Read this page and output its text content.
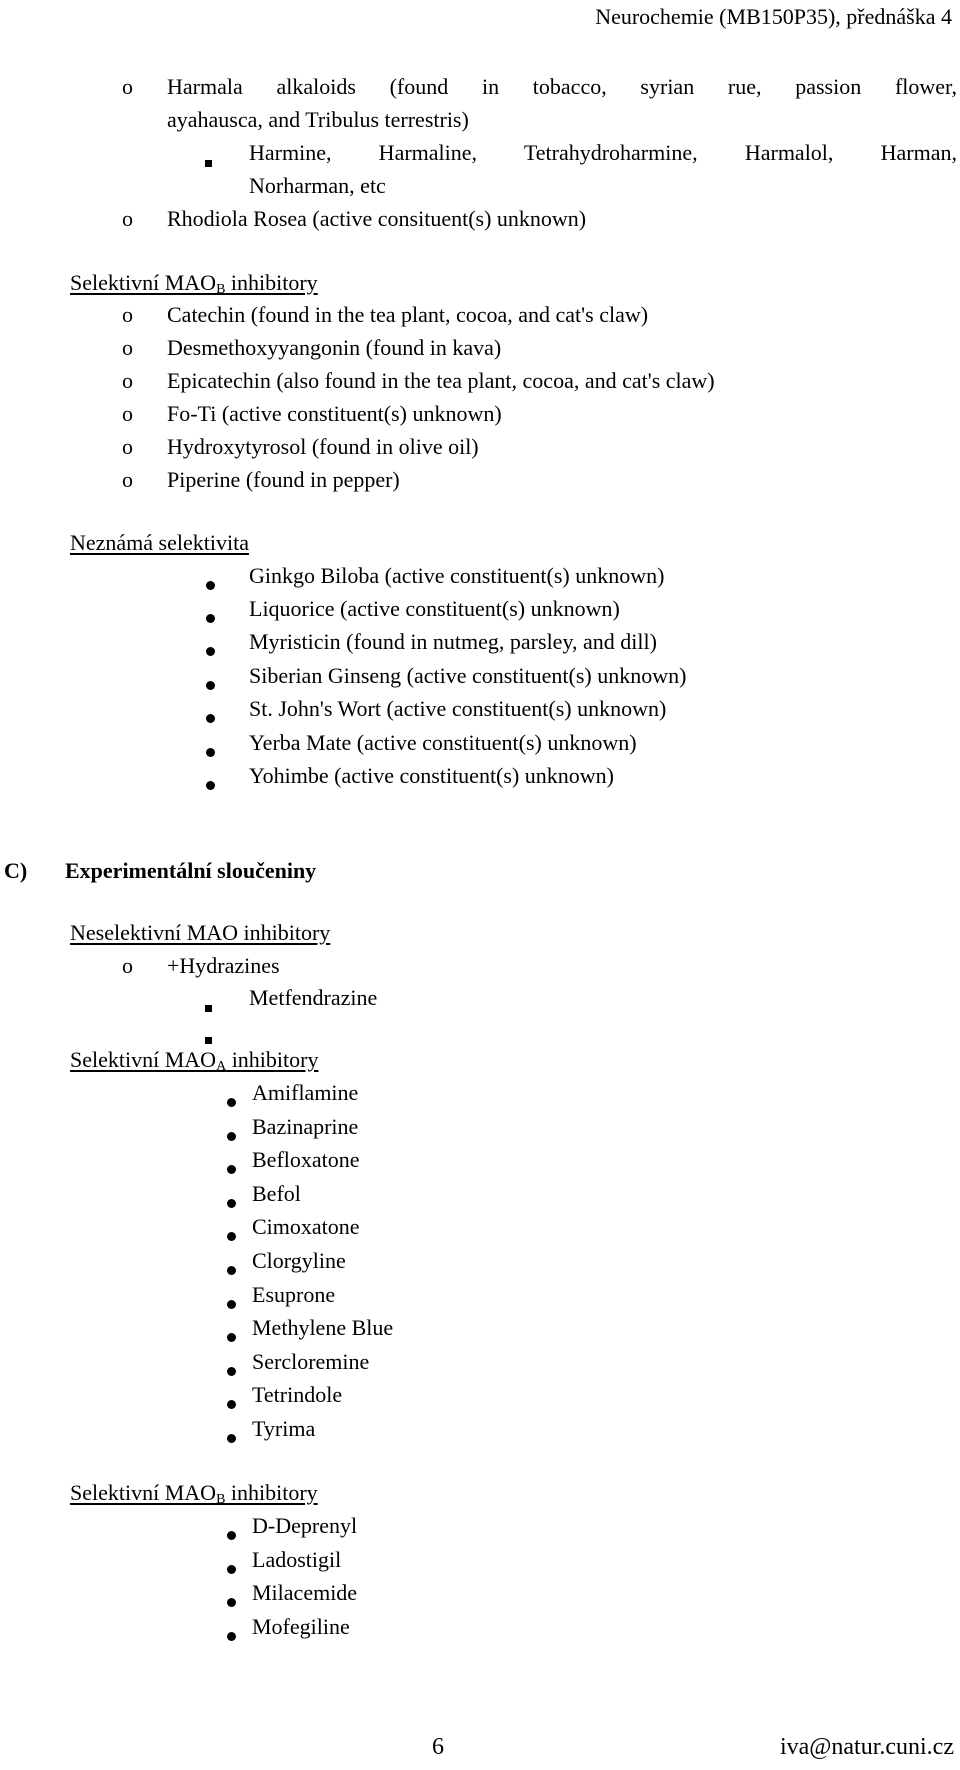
Neurochemie (MB150P35), přednáška 4
o Harmala alkaloids (found in tobacco, syrian rue, passion flower,
ayahausca, and Tribulus terrestris)
Harmine, Harmaline, Tetrahydroharmine, Harmalol, Harman,
Norharman, etc
o Rhodiola Rosea (active consituent(s) unknown)
Selektivní $MAO_B$ inhibitory
o Catechin (found in the tea plant, cocoa, and cat's claw)
o Desmethoxyyangonin (found in kava)
o Epicatechin (also found in the tea plant, cocoa, and cat's claw)
o Fo-Ti (active constituent(s) unknown)
o Hydroxytyrosol (found in olive oil)
o Piperine (found in pepper)
Neznámá selektivita
Ginkgo Biloba (active constituent(s) unknown)
Liquorice (active constituent(s) unknown)
Myristicin (found in nutmeg, parsley, and dill)
Siberian Ginseng (active constituent(s) unknown)
St. John's Wort (active constituent(s) unknown)
Yerba Mate (active constituent(s) unknown)
Yohimbe (active constituent(s) unknown)
C) Experimentální sloučeniny
Neselektivní MAO inhibitory
o +Hydrazines
Metfendrazine
Selektivní $MAO_A$ inhibitory
Amiflamine
Bazinaprine
Befloxatone
Befol
Cimoxatone
Clorgyline
Esuprone
Methylene Blue
Sercloremine
Tetrindole
Tyrima
Selektivní $MAO_B$ inhibitory
D-Deprenyl
Ladostigil
Milacemide
Mofegiline
6	iva@natur.cuni.cz
